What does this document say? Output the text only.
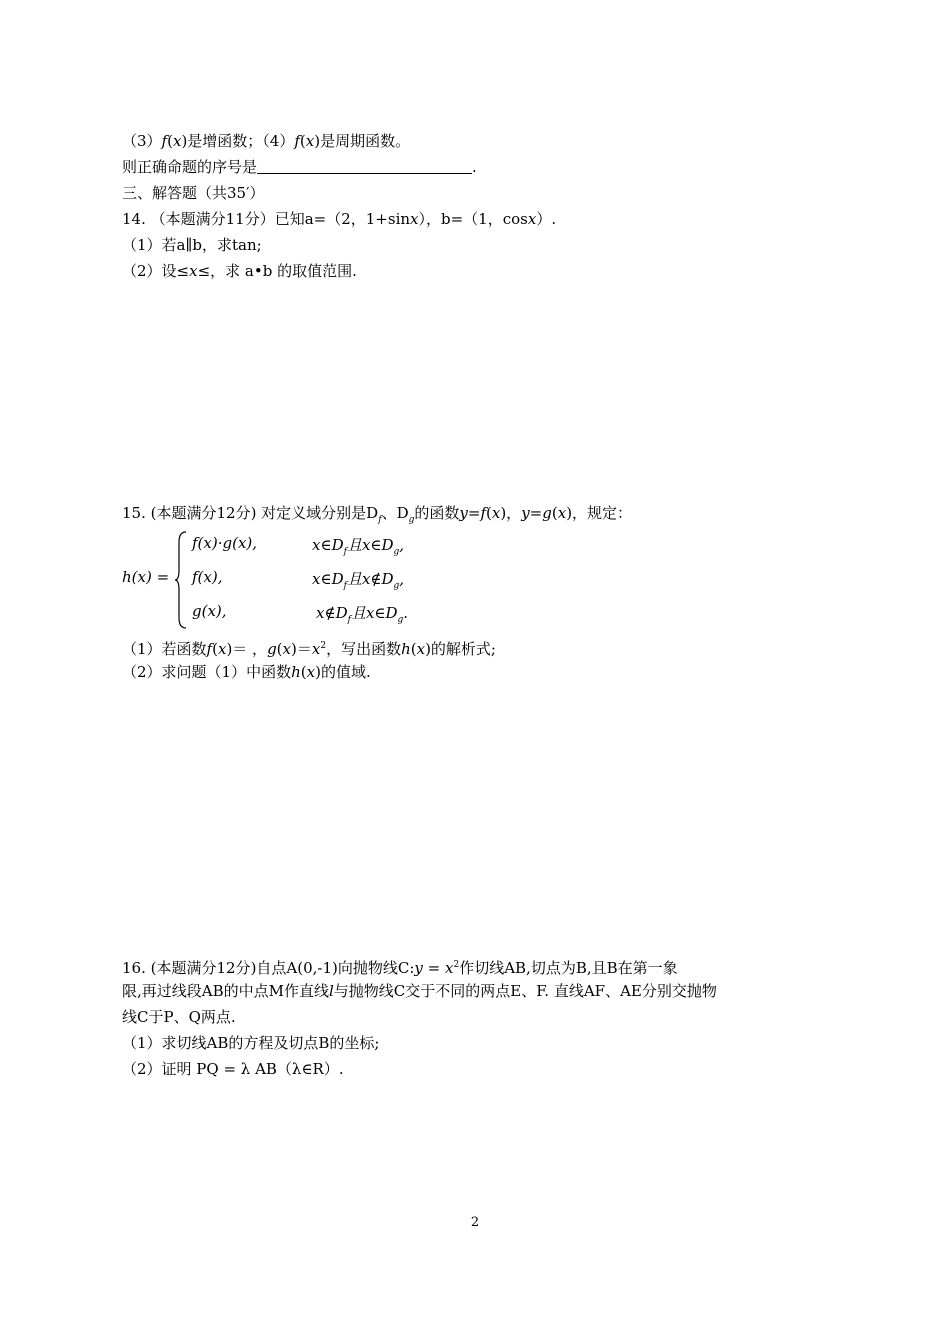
（3）f(x)是增函数；（4）f(x)是周期函数。
则正确命题的序号是	.
三、解答题（共35′）
14. （本题满分11分）已知a=（2，1+sinx），b=（1，cosx）.
（1）若a∥b，求tan;
（2）设≤x≤，求 a•b 的取值范围.
15. (本题满分12分) 对定义域分别是$D_f$、$D_g$的函数y=f(x)，y=g(x)，规定：
h(x) =
f(x)·g(x),	$x\in D_f$且$x\in D_g$,
f(x),	$x\in D_f$且$x\notin D_g$,
g(x),	$x\notin D_f$且$x\in D_g$.
（1）若函数f(x)＝ ，$g(x)=x^2$，写出函数h(x)的解析式;
（2）求问题（1）中函数h(x)的值域.
16. (本题满分12分)自点A(0,-1)向抛物线C:y = $x^2$作切线AB,切点为B,且B在第一象
限,再过线段AB的中点M作直线l与抛物线C交于不同的两点E、F. 直线AF、AE分别交抛物
线C于P、Q两点.
（1）求切线AB的方程及切点B的坐标;
（2）证明 PQ = λ AB（λ∈R）.
2
